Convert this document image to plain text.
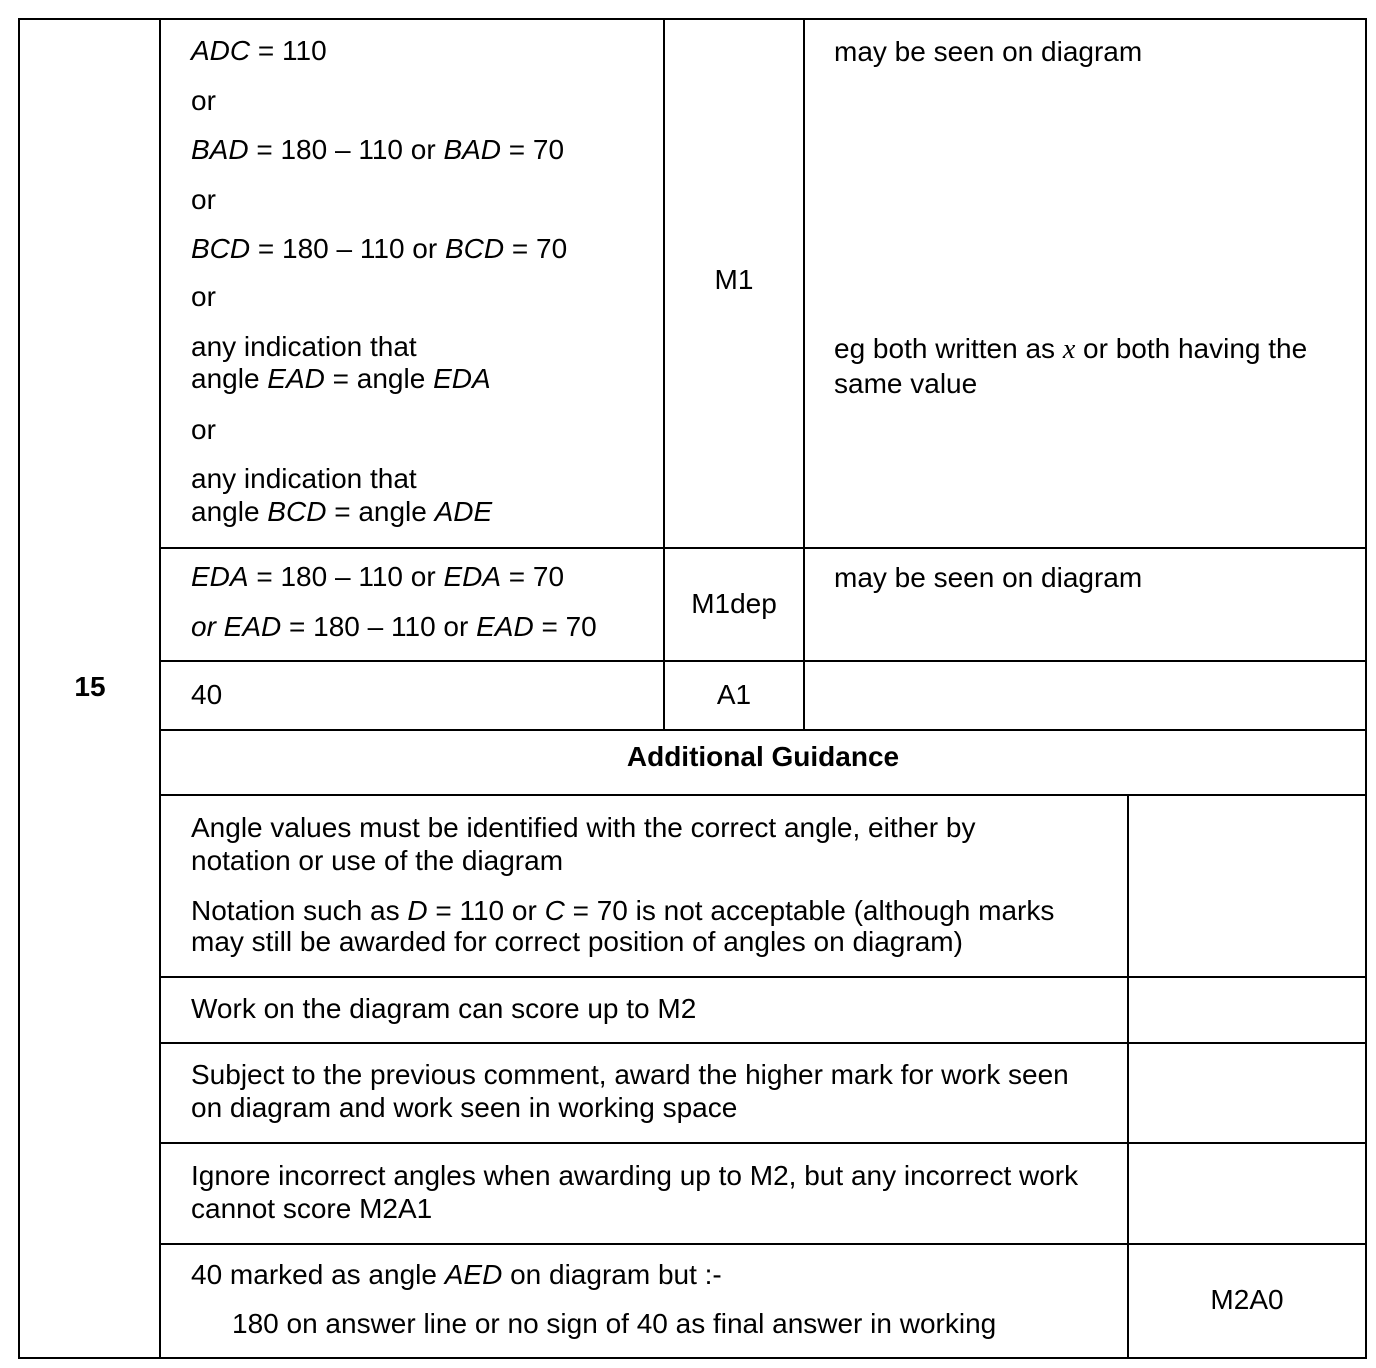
15
ADC = 110
or
BAD = 180 – 110 or BAD = 70
or
BCD = 180 – 110 or BCD = 70
or
any indication that
angle EAD = angle EDA
or
any indication that
angle BCD = angle ADE
M1
may be seen on diagram
eg both written as x or both having the
same value
EDA = 180 – 110 or EDA = 70
or EAD = 180 – 110 or EAD = 70
M1dep
may be seen on diagram
40	A1
Additional Guidance
Angle values must be identified with the correct angle, either by
notation or use of the diagram
Notation such as D = 110 or C = 70 is not acceptable (although marks
may still be awarded for correct position of angles on diagram)
Work on the diagram can score up to M2
Subject to the previous comment, award the higher mark for work seen
on diagram and work seen in working space
Ignore incorrect angles when awarding up to M2, but any incorrect work
cannot score M2A1
40 marked as angle AED on diagram but :-
180 on answer line or no sign of 40 as final answer in working
M2A0
